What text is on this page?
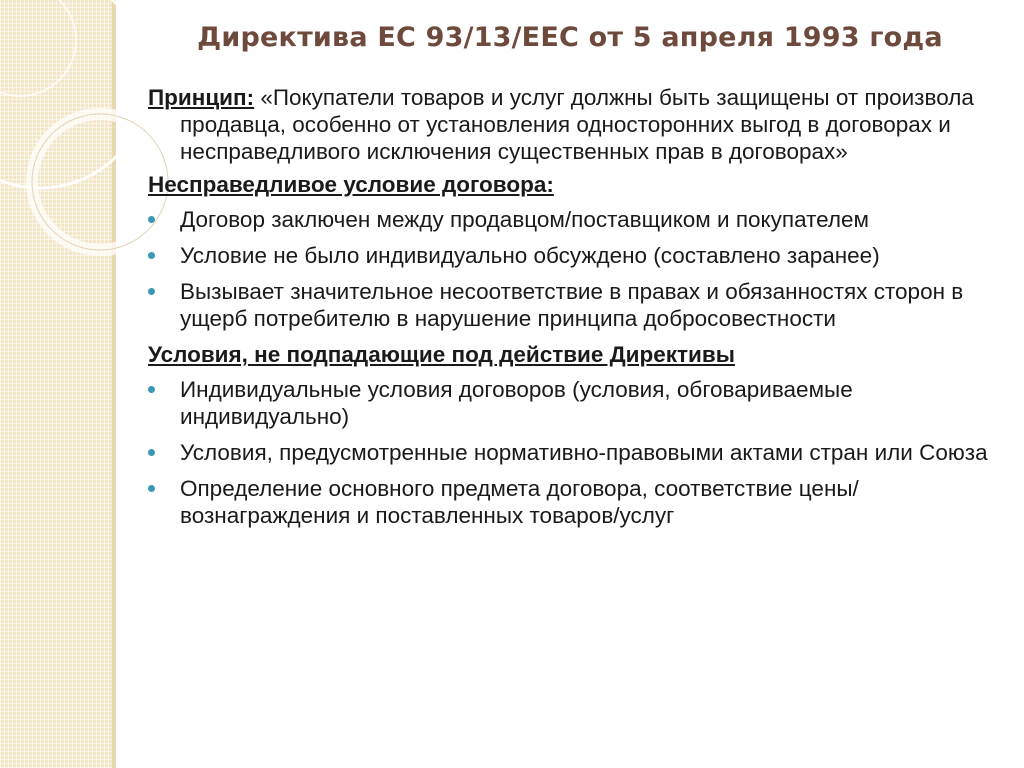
Директива ЕС 93/13/ЕЕС от 5 апреля 1993 года

Принцип: «Покупатели товаров и услуг должны быть защищены от произвола продавца, особенно от установления односторонних выгод в договорах и несправедливого исключения существенных прав в договорах»

Несправедливое условие договора:

Договор заключен между продавцом/поставщиком и покупателем
Условие не было индивидуально обсуждено (составлено заранее)
Вызывает значительное несоответствие в правах и обязанностях сторон в ущерб потребителю в нарушение принципа добросовестности

Условия, не подпадающие под действие Директивы

Индивидуальные условия договоров (условия, обговариваемые индивидуально)
Условия, предусмотренные нормативно-правовыми актами стран или Союза
Определение основного предмета договора, соответствие цены/вознаграждения и поставленных товаров/услуг
